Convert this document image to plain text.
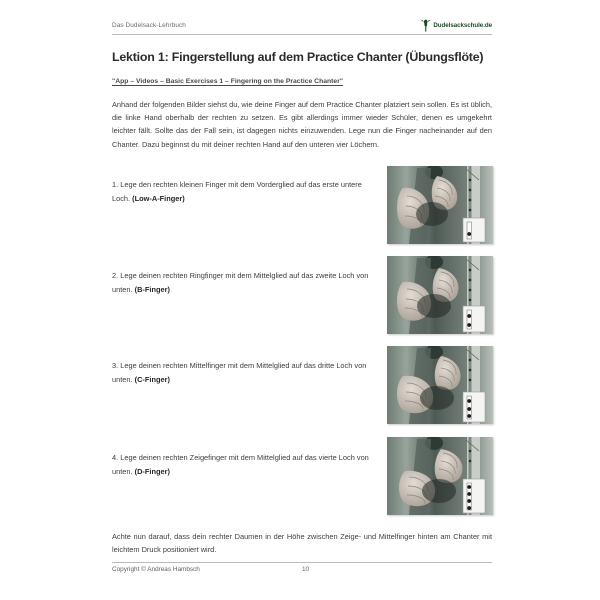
Das Dudelsack-Lehrbuch	Dudelsackschule.de
Lektion 1: Fingerstellung auf dem Practice Chanter (Übungsflöte)
"App – Videos – Basic Exercises 1 – Fingering on the Practice Chanter"
Anhand der folgenden Bilder siehst du, wie deine Finger auf dem Practice Chanter platziert sein sollen. Es ist üblich, die linke Hand oberhalb der rechten zu setzen. Es gibt allerdings immer wieder Schüler, denen es umgekehrt leichter fällt. Sollte das der Fall sein, ist dagegen nichts einzuwenden. Lege nun die Finger nacheinander auf den Chanter. Dazu beginnst du mit deiner rechten Hand auf den unteren vier Löchern.
1. Lege den rechten kleinen Finger mit dem Vorderglied auf das erste untere Loch. (Low-A-Finger)
2. Lege deinen rechten Ringfinger mit dem Mittelglied auf das zweite Loch von unten. (B-Finger)
3. Lege deinen rechten Mittelfinger mit dem Mittelglied auf das dritte Loch von unten. (C-Finger)
4. Lege deinen rechten Zeigefinger mit dem Mittelglied auf das vierte Loch von unten. (D-Finger)
Achte nun darauf, dass dein rechter Daumen in der Höhe zwischen Zeige- und Mittelfinger hinten am Chanter mit leichtem Druck positioniert wird.
Copyright © Andreas Hambsch	10
